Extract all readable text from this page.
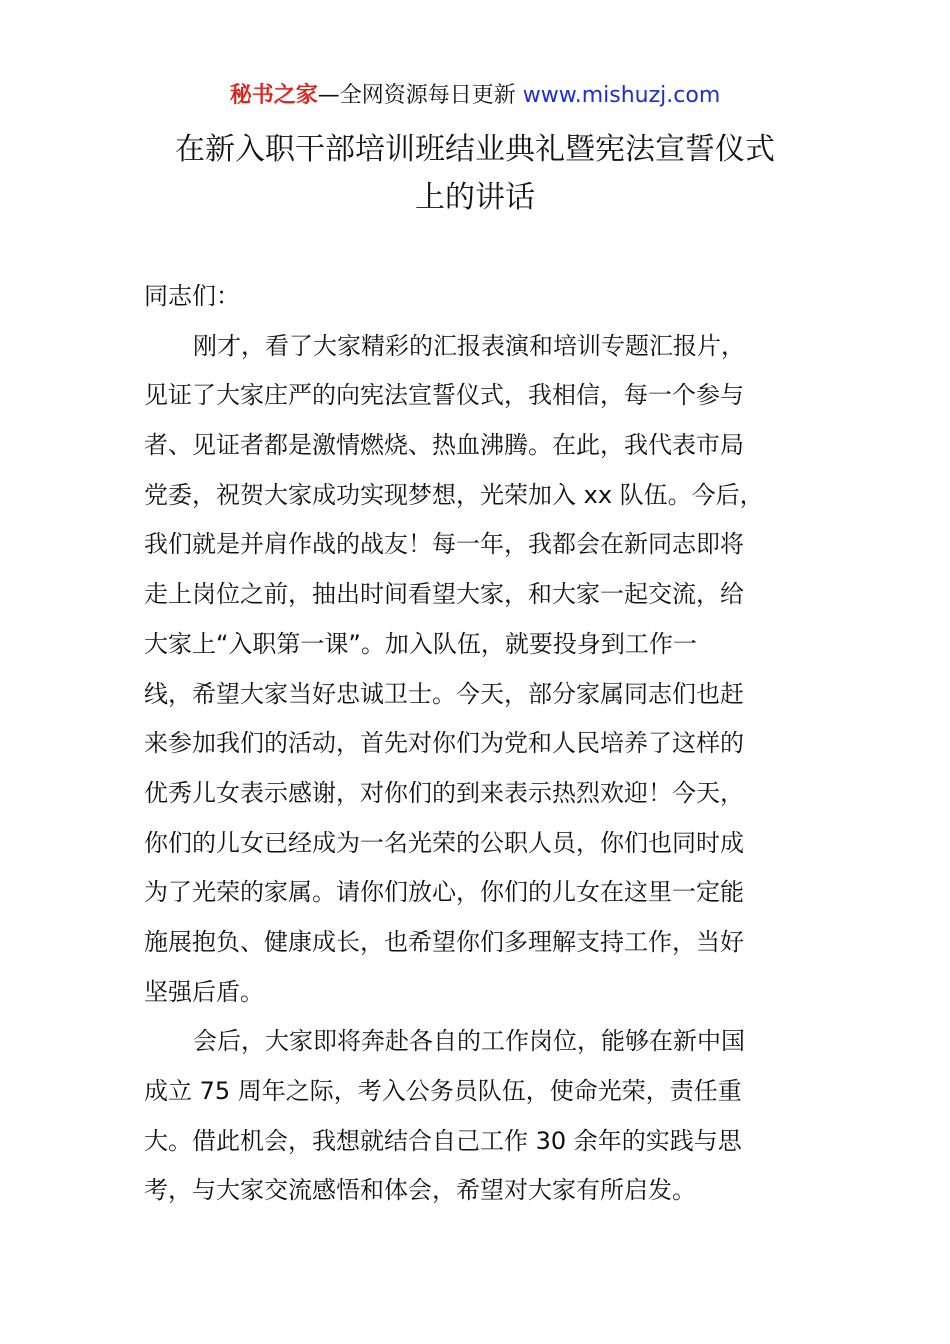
秘书之家—全网资源每日更新 www.mishuzj.com
在新入职干部培训班结业典礼暨宪法宣誓仪式
上的讲话
同志们：
刚才，看了大家精彩的汇报表演和培训专题汇报片，
见证了大家庄严的向宪法宣誓仪式，我相信，每一个参与
者、见证者都是激情燃烧、热血沸腾。在此，我代表市局
党委，祝贺大家成功实现梦想，光荣加入 xx 队伍。今后，
我们就是并肩作战的战友！每一年，我都会在新同志即将
走上岗位之前，抽出时间看望大家，和大家一起交流，给
大家上“入职第一课”。加入队伍，就要投身到工作一
线，希望大家当好忠诚卫士。今天，部分家属同志们也赶
来参加我们的活动，首先对你们为党和人民培养了这样的
优秀儿女表示感谢，对你们的到来表示热烈欢迎！今天，
你们的儿女已经成为一名光荣的公职人员，你们也同时成
为了光荣的家属。请你们放心，你们的儿女在这里一定能
施展抱负、健康成长，也希望你们多理解支持工作，当好
坚强后盾。
会后，大家即将奔赴各自的工作岗位，能够在新中国
成立 75 周年之际，考入公务员队伍，使命光荣，责任重
大。借此机会，我想就结合自己工作 30 余年的实践与思
考，与大家交流感悟和体会，希望对大家有所启发。
